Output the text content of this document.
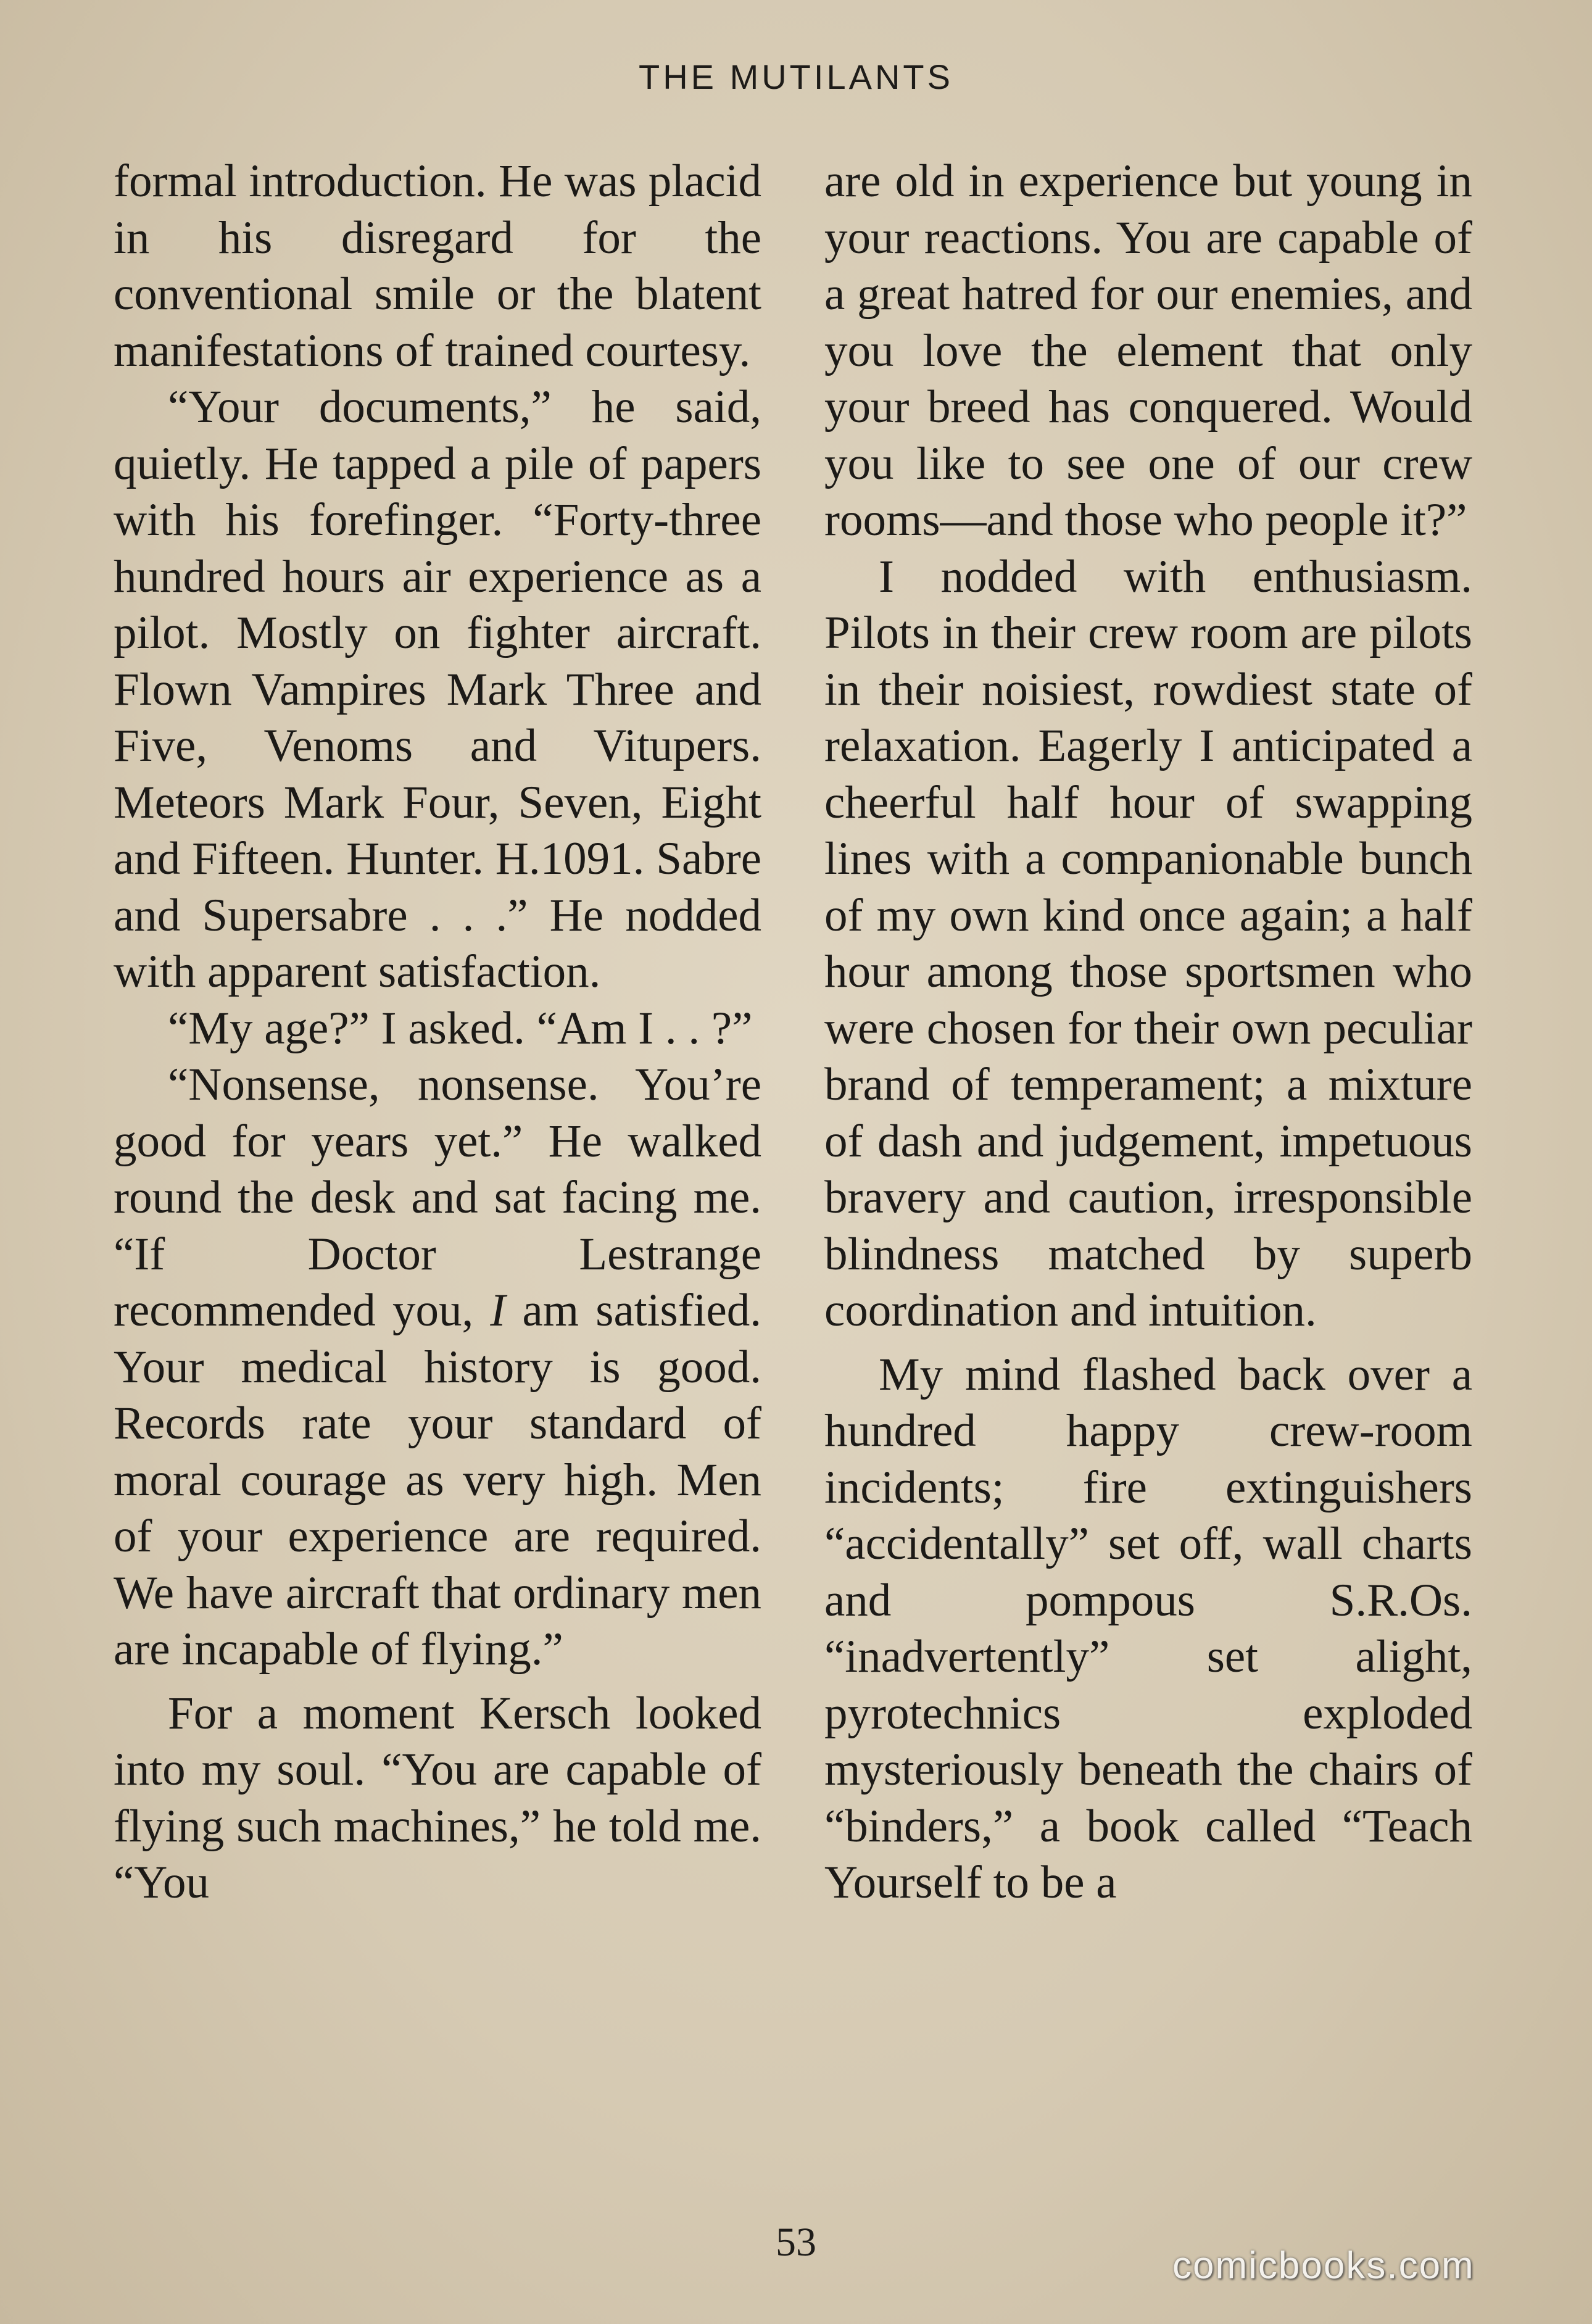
THE MUTILANTS

formal introduction. He was placid in his disregard for the conventional smile or the blatent manifestations of trained courtesy.

“Your documents,” he said, quietly. He tapped a pile of papers with his forefinger. “Forty-three hundred hours air experience as a pilot. Mostly on fighter aircraft. Flown Vampires Mark Three and Five, Venoms and Vitupers. Meteors Mark Four, Seven, Eight and Fifteen. Hunter. H.1091. Sabre and Supersabre . . .” He nodded with apparent satisfaction.

“My age?” I asked. “Am I . . ?”

“Nonsense, nonsense. You’re good for years yet.” He walked round the desk and sat facing me. “If Doctor Lestrange recommended you, I am satisfied. Your medical history is good. Records rate your standard of moral courage as very high. Men of your experience are required. We have aircraft that ordinary men are incapable of flying.”

For a moment Kersch looked into my soul. “You are capable of flying such machines,” he told me. “You

are old in experience but young in your reactions. You are capable of a great hatred for our enemies, and you love the element that only your breed has conquered. Would you like to see one of our crew rooms—and those who people it?”

I nodded with enthusiasm. Pilots in their crew room are pilots in their noisiest, rowdiest state of relaxation. Eagerly I anticipated a cheerful half hour of swapping lines with a companionable bunch of my own kind once again; a half hour among those sportsmen who were chosen for their own peculiar brand of temperament; a mixture of dash and judgement, impetuous bravery and caution, irresponsible blindness matched by superb coordination and intuition.

My mind flashed back over a hundred happy crew-room incidents; fire extinguishers “accidentally” set off, wall charts and pompous S.R.Os. “inadvertently” set alight, pyrotechnics exploded mysteriously beneath the chairs of “binders,” a book called “Teach Yourself to be a

53
comicbooks.com
